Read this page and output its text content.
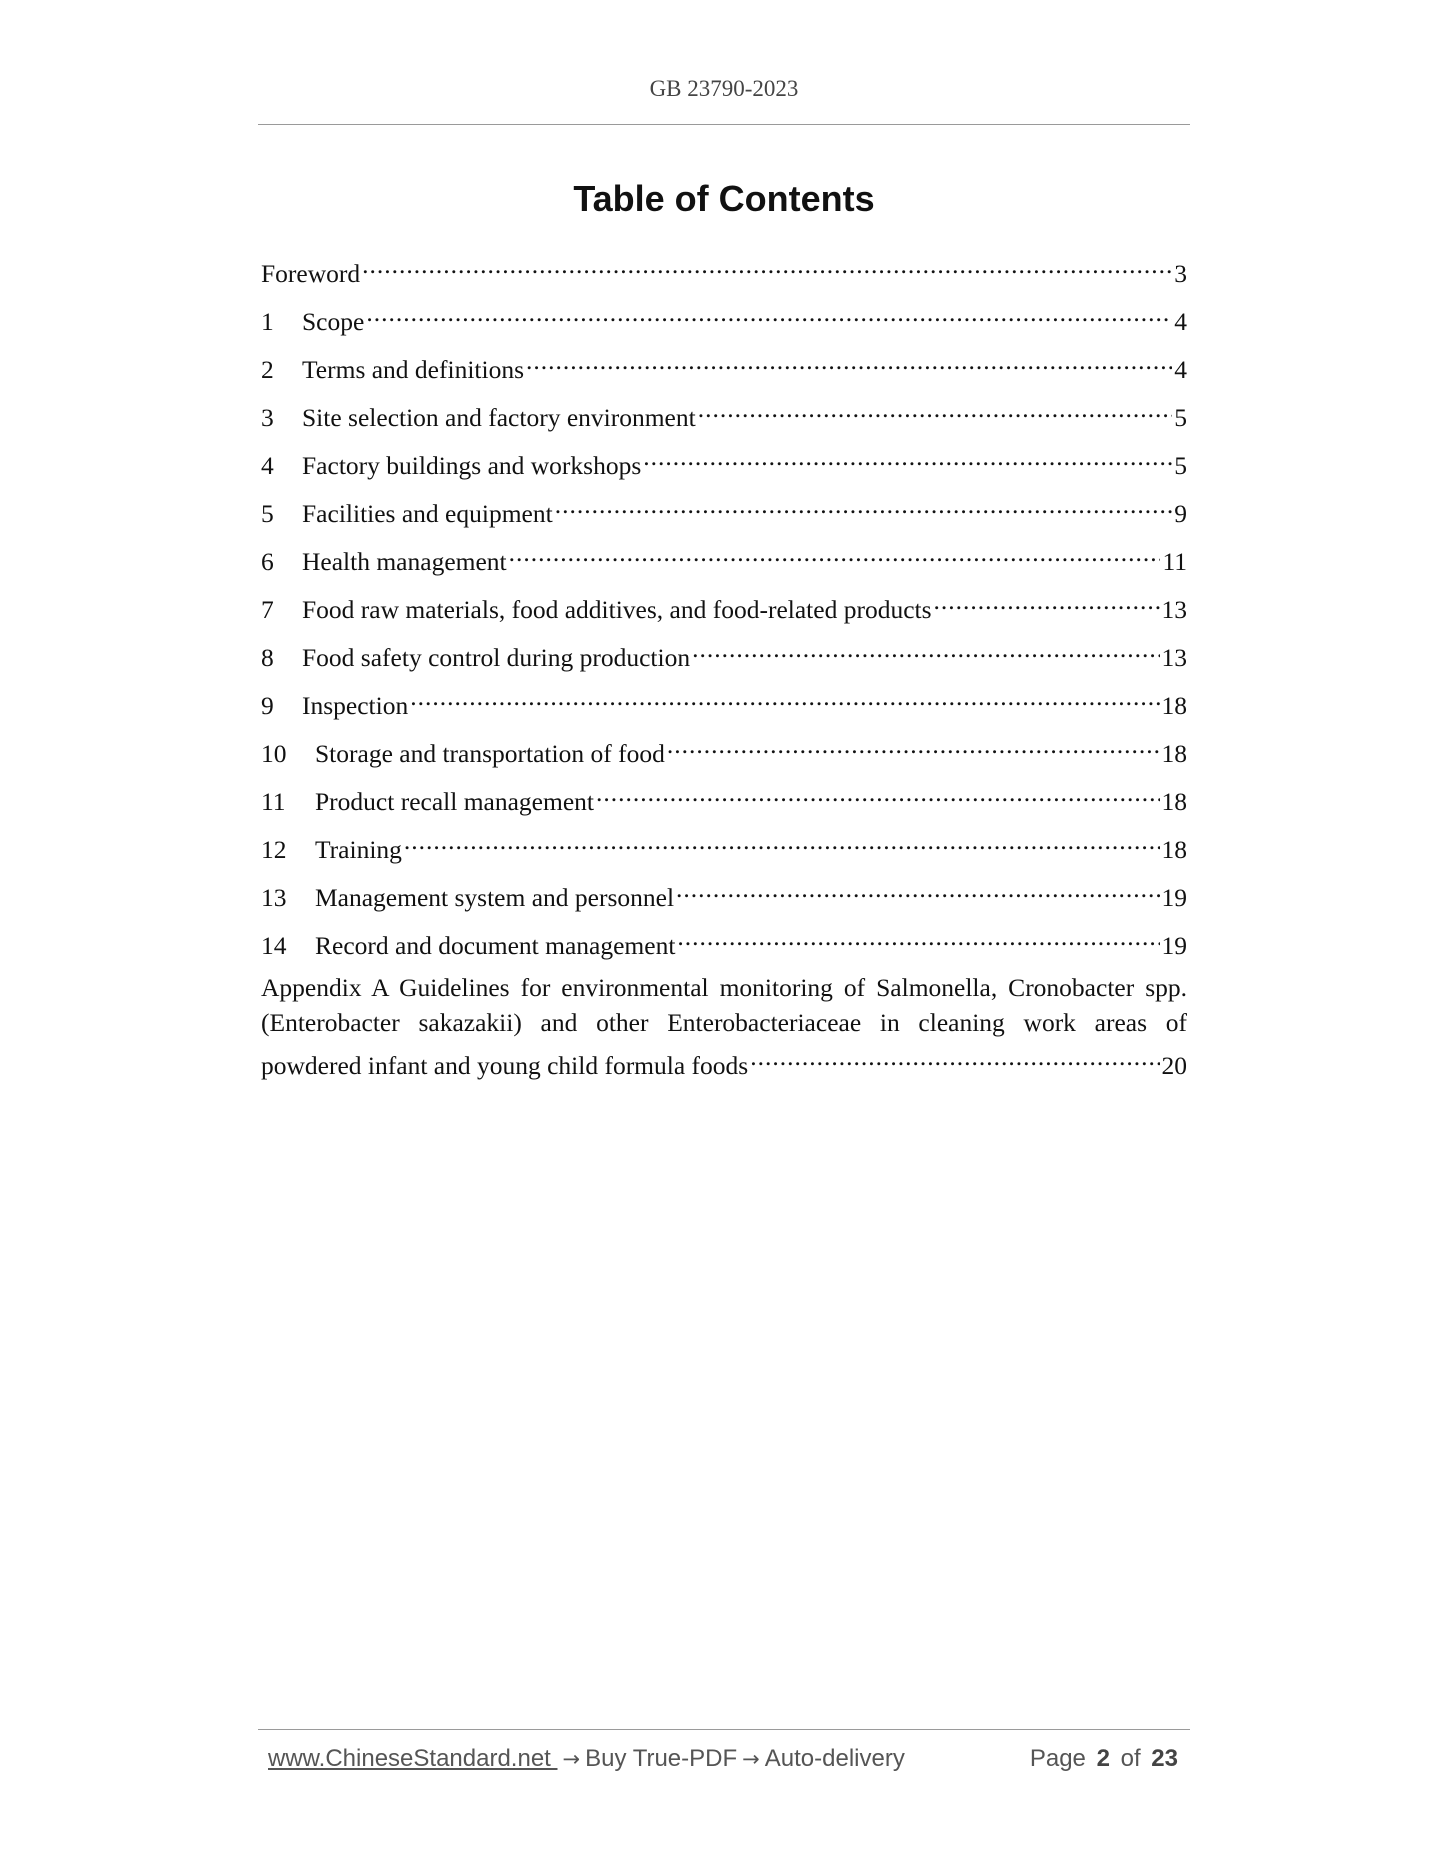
GB 23790-2023
Table of Contents
Foreword .....	3
1	Scope .....	4
2	Terms and definitions .....	4
3	Site selection and factory environment .....	5
4	Factory buildings and workshops .....	5
5	Facilities and equipment .....	9
6	Health management .....	11
7	Food raw materials, food additives, and food-related products .....	13
8	Food safety control during production .....	13
9	Inspection .....	18
10	Storage and transportation of food .....	18
11	Product recall management .....	18
12	Training .....	18
13	Management system and personnel .....	19
14	Record and document management .....	19
Appendix A Guidelines for environmental monitoring of Salmonella, Cronobacter spp.
(Enterobacter sakazakii) and other Enterobacteriaceae in cleaning work areas of
powdered infant and young child formula foods .....	20
www.ChineseStandard.net → Buy True-PDF → Auto-delivery	Page 2 of 23
